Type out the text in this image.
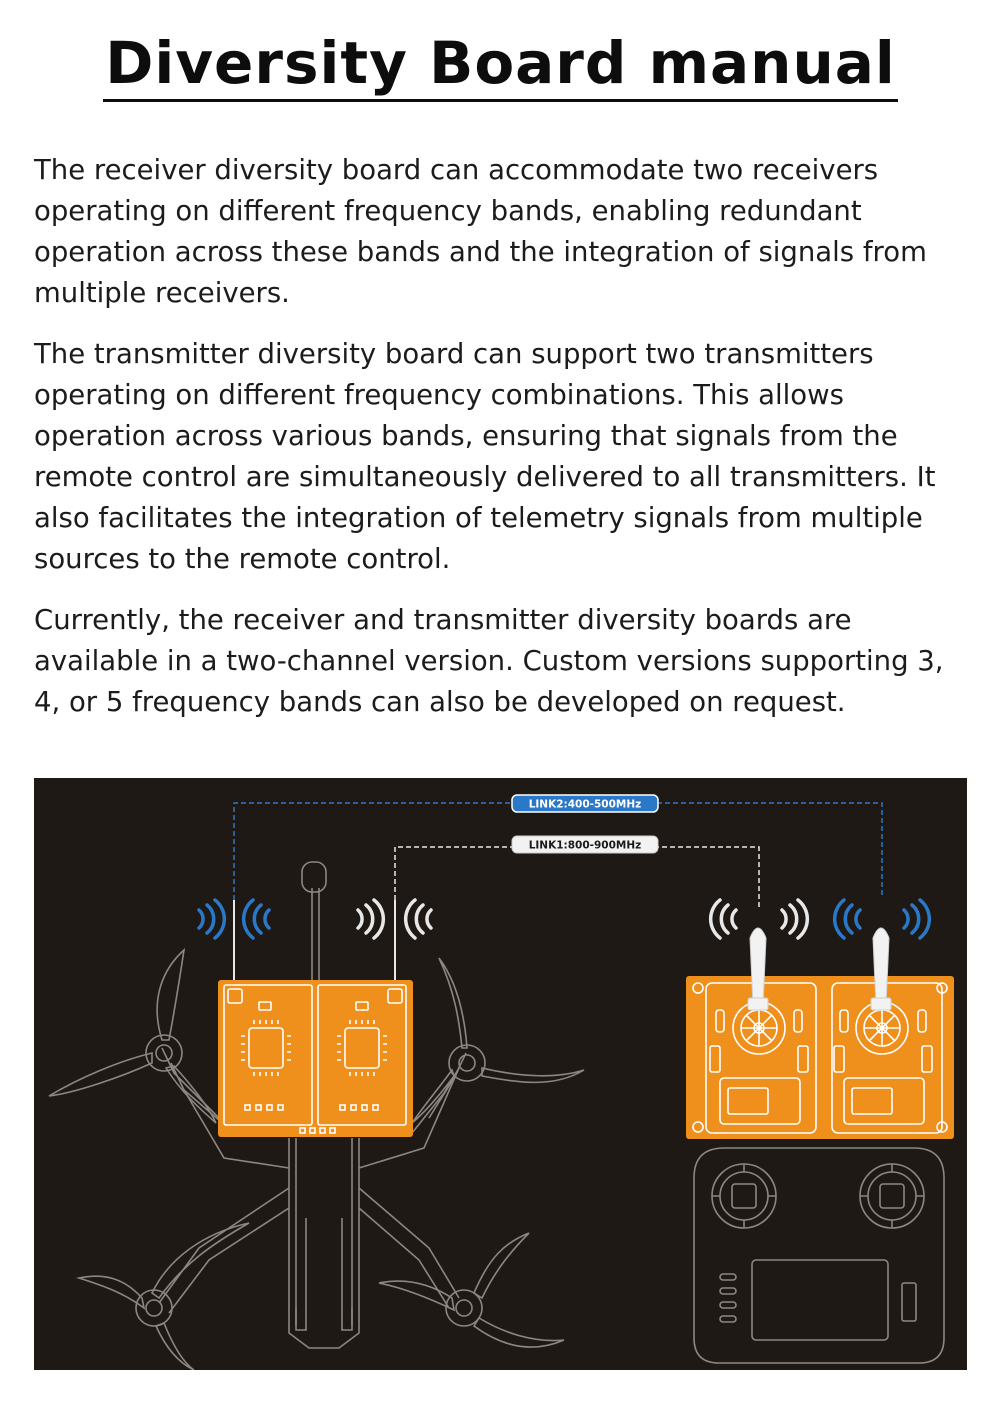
Diversity Board manual

The receiver diversity board can accommodate two receivers operating on different frequency bands, enabling redundant operation across these bands and the integration of signals from multiple receivers.

The transmitter diversity board can support two transmitters operating on different frequency combinations. This allows operation across various bands, ensuring that signals from the remote control are simultaneously delivered to all transmitters. It also facilitates the integration of telemetry signals from multiple sources to the remote control.

Currently, the receiver and transmitter diversity boards are available in a two-channel version. Custom versions supporting 3, 4, or 5 frequency bands can also be developed on request.

LINK2:400-500MHz
LINK1:800-900MHz
